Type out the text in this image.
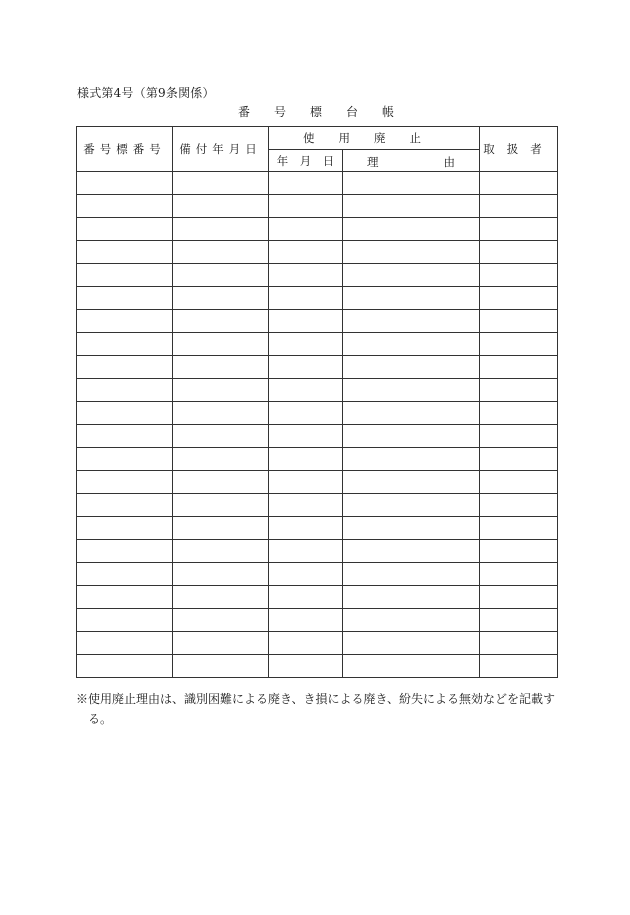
様式第4号（第9条関係）
番号標台帳
番号標番号	備付年月日	使用廃止		取扱者
		年　月　日	理 由	

※使用廃止理由は、識別困難による廃き、き損による廃き、紛失による無効などを記載す
る。
